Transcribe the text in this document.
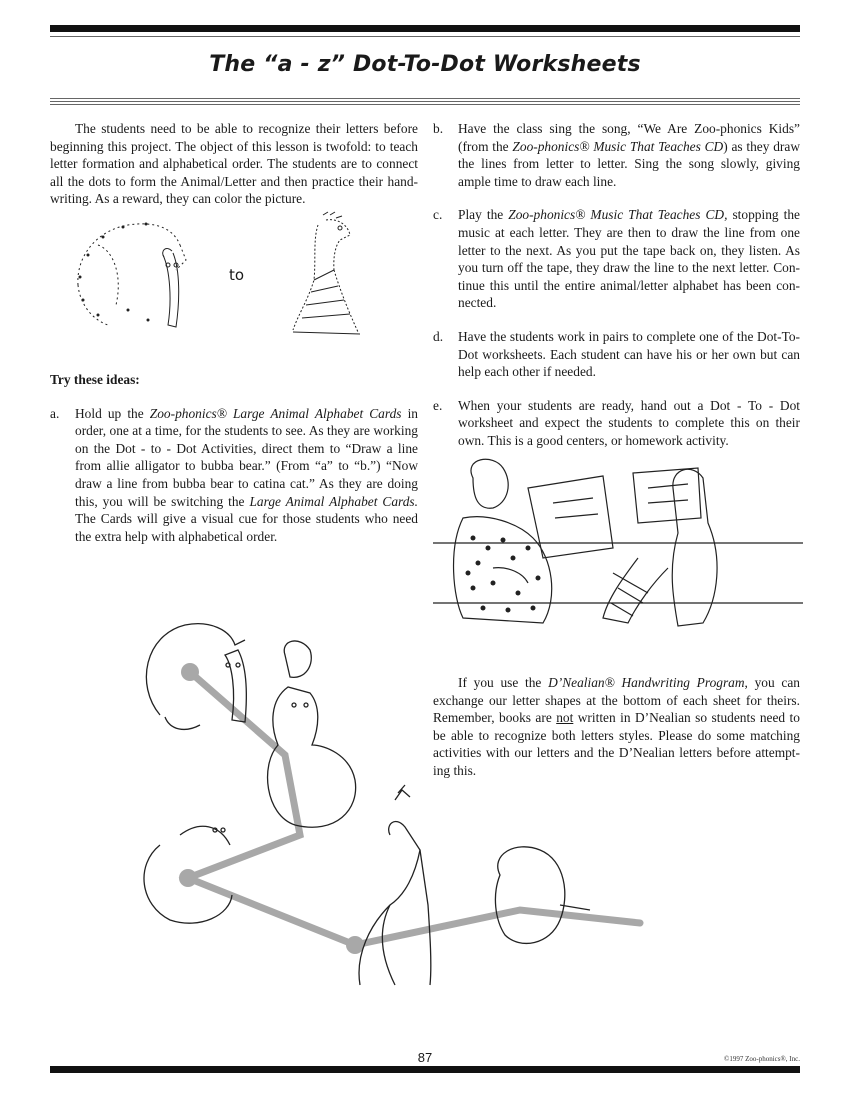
The “a - z” Dot-To-Dot Worksheets

The students need to be able to recognize their letters before beginning this project. The object of this lesson is twofold: to teach letter formation and alphabetical order. The students are to connect all the dots to form the Animal/Letter and then practice their hand-writing. As a reward, they can color the picture.

to

Try these ideas:

a. Hold up the Zoo-phonics® Large Animal Alphabet Cards in order, one at a time, for the students to see. As they are working on the Dot - to - Dot Activities, direct them to “Draw a line from allie alligator to bubba bear.” (From “a” to “b.”) “Now draw a line from bubba bear to catina cat.” As they are doing this, you will be switching the Large Animal Alphabet Cards. The Cards will give a visual cue for those students who need the extra help with alphabetical order.
b. Have the class sing the song, “We Are Zoo-phonics Kids” (from the Zoo-phonics® Music That Teaches CD) as they draw the lines from letter to letter. Sing the song slowly, giving ample time to draw each line.
c. Play the Zoo-phonics® Music That Teaches CD, stopping the music at each letter. They are then to draw the line from one letter to the next. As you put the tape back on, they listen. As you turn off the tape, they draw the line to the next letter. Con-tinue this until the entire animal/letter alphabet has been con-nected.
d. Have the students work in pairs to complete one of the Dot-To-Dot worksheets. Each student can have his or her own but can help each other if needed.
e. When your students are ready, hand out a Dot - To - Dot worksheet and expect the students to complete this on their own. This is a good centers, or homework activity.

If you use the D’Nealian® Handwriting Program, you can exchange our letter shapes at the bottom of each sheet for theirs. Remember, books are not written in D’Nealian so students need to be able to recognize both letters styles. Please do some matching activities with our letters and the D’Nealian letters before attempt-ing this.

87	©1997 Zoo-phonics®, Inc.
